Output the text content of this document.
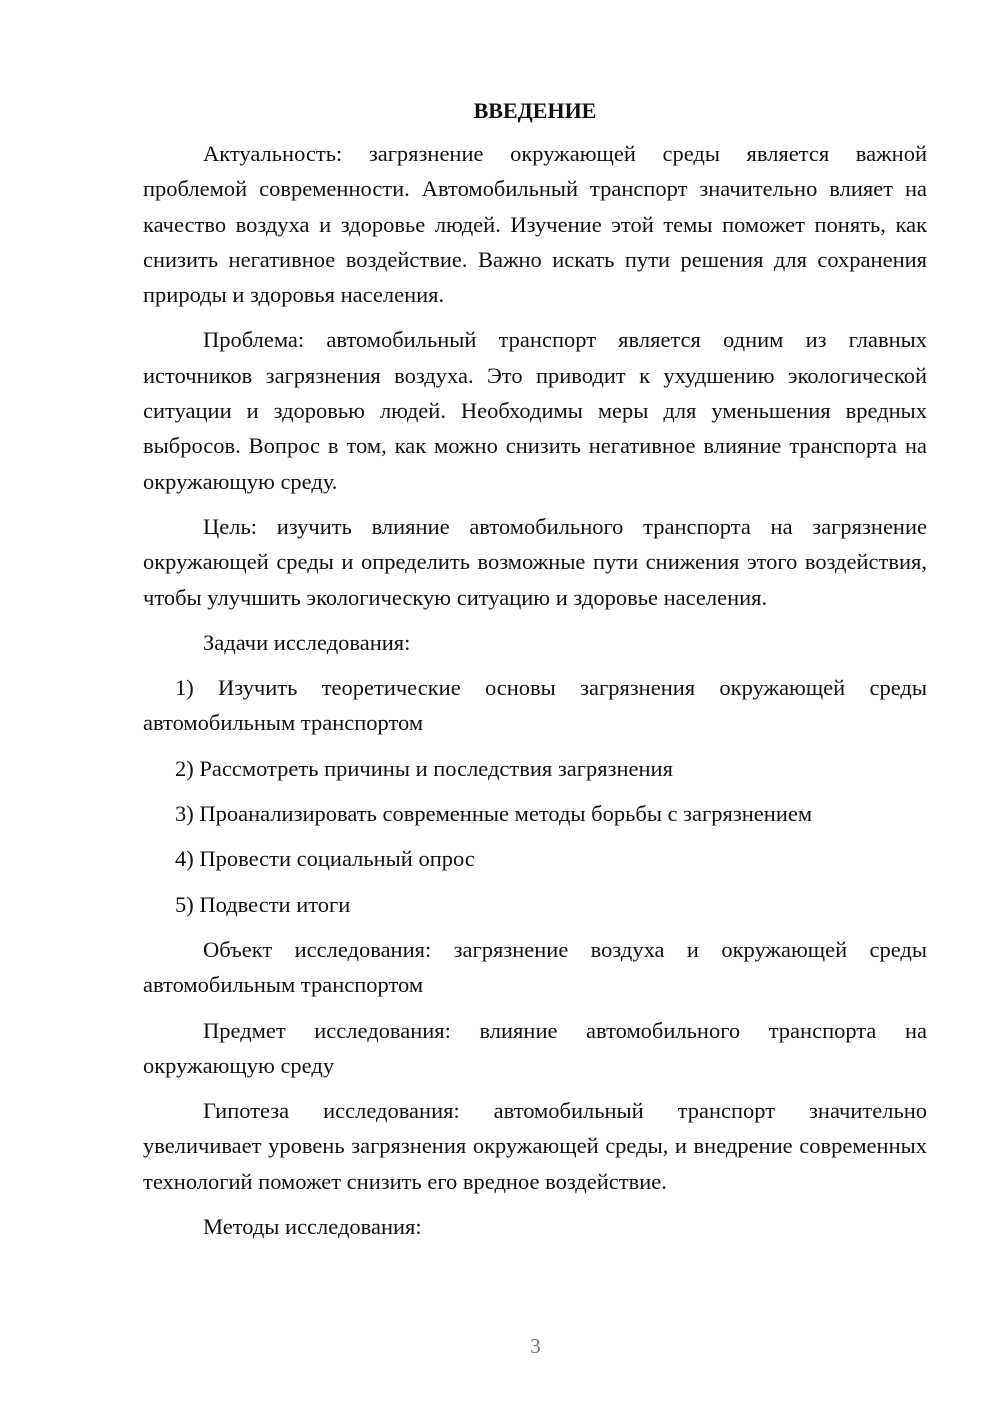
ВВЕДЕНИЕ

Актуальность: загрязнение окружающей среды является важной проблемой современности. Автомобильный транспорт значительно влияет на качество воздуха и здоровье людей. Изучение этой темы поможет понять, как снизить негативное воздействие. Важно искать пути решения для сохранения природы и здоровья населения.

Проблема: автомобильный транспорт является одним из главных источников загрязнения воздуха. Это приводит к ухудшению экологической ситуации и здоровью людей. Необходимы меры для уменьшения вредных выбросов. Вопрос в том, как можно снизить негативное влияние транспорта на окружающую среду.

Цель: изучить влияние автомобильного транспорта на загрязнение окружающей среды и определить возможные пути снижения этого воздействия, чтобы улучшить экологическую ситуацию и здоровье населения.

Задачи исследования:

1) Изучить теоретические основы загрязнения окружающей среды автомобильным транспортом
2) Рассмотреть причины и последствия загрязнения
3) Проанализировать современные методы борьбы с загрязнением
4) Провести социальный опрос
5) Подвести итоги

Объект исследования: загрязнение воздуха и окружающей среды автомобильным транспортом

Предмет исследования: влияние автомобильного транспорта на окружающую среду

Гипотеза исследования: автомобильный транспорт значительно увеличивает уровень загрязнения окружающей среды, и внедрение современных технологий поможет снизить его вредное воздействие.

Методы исследования:

3
